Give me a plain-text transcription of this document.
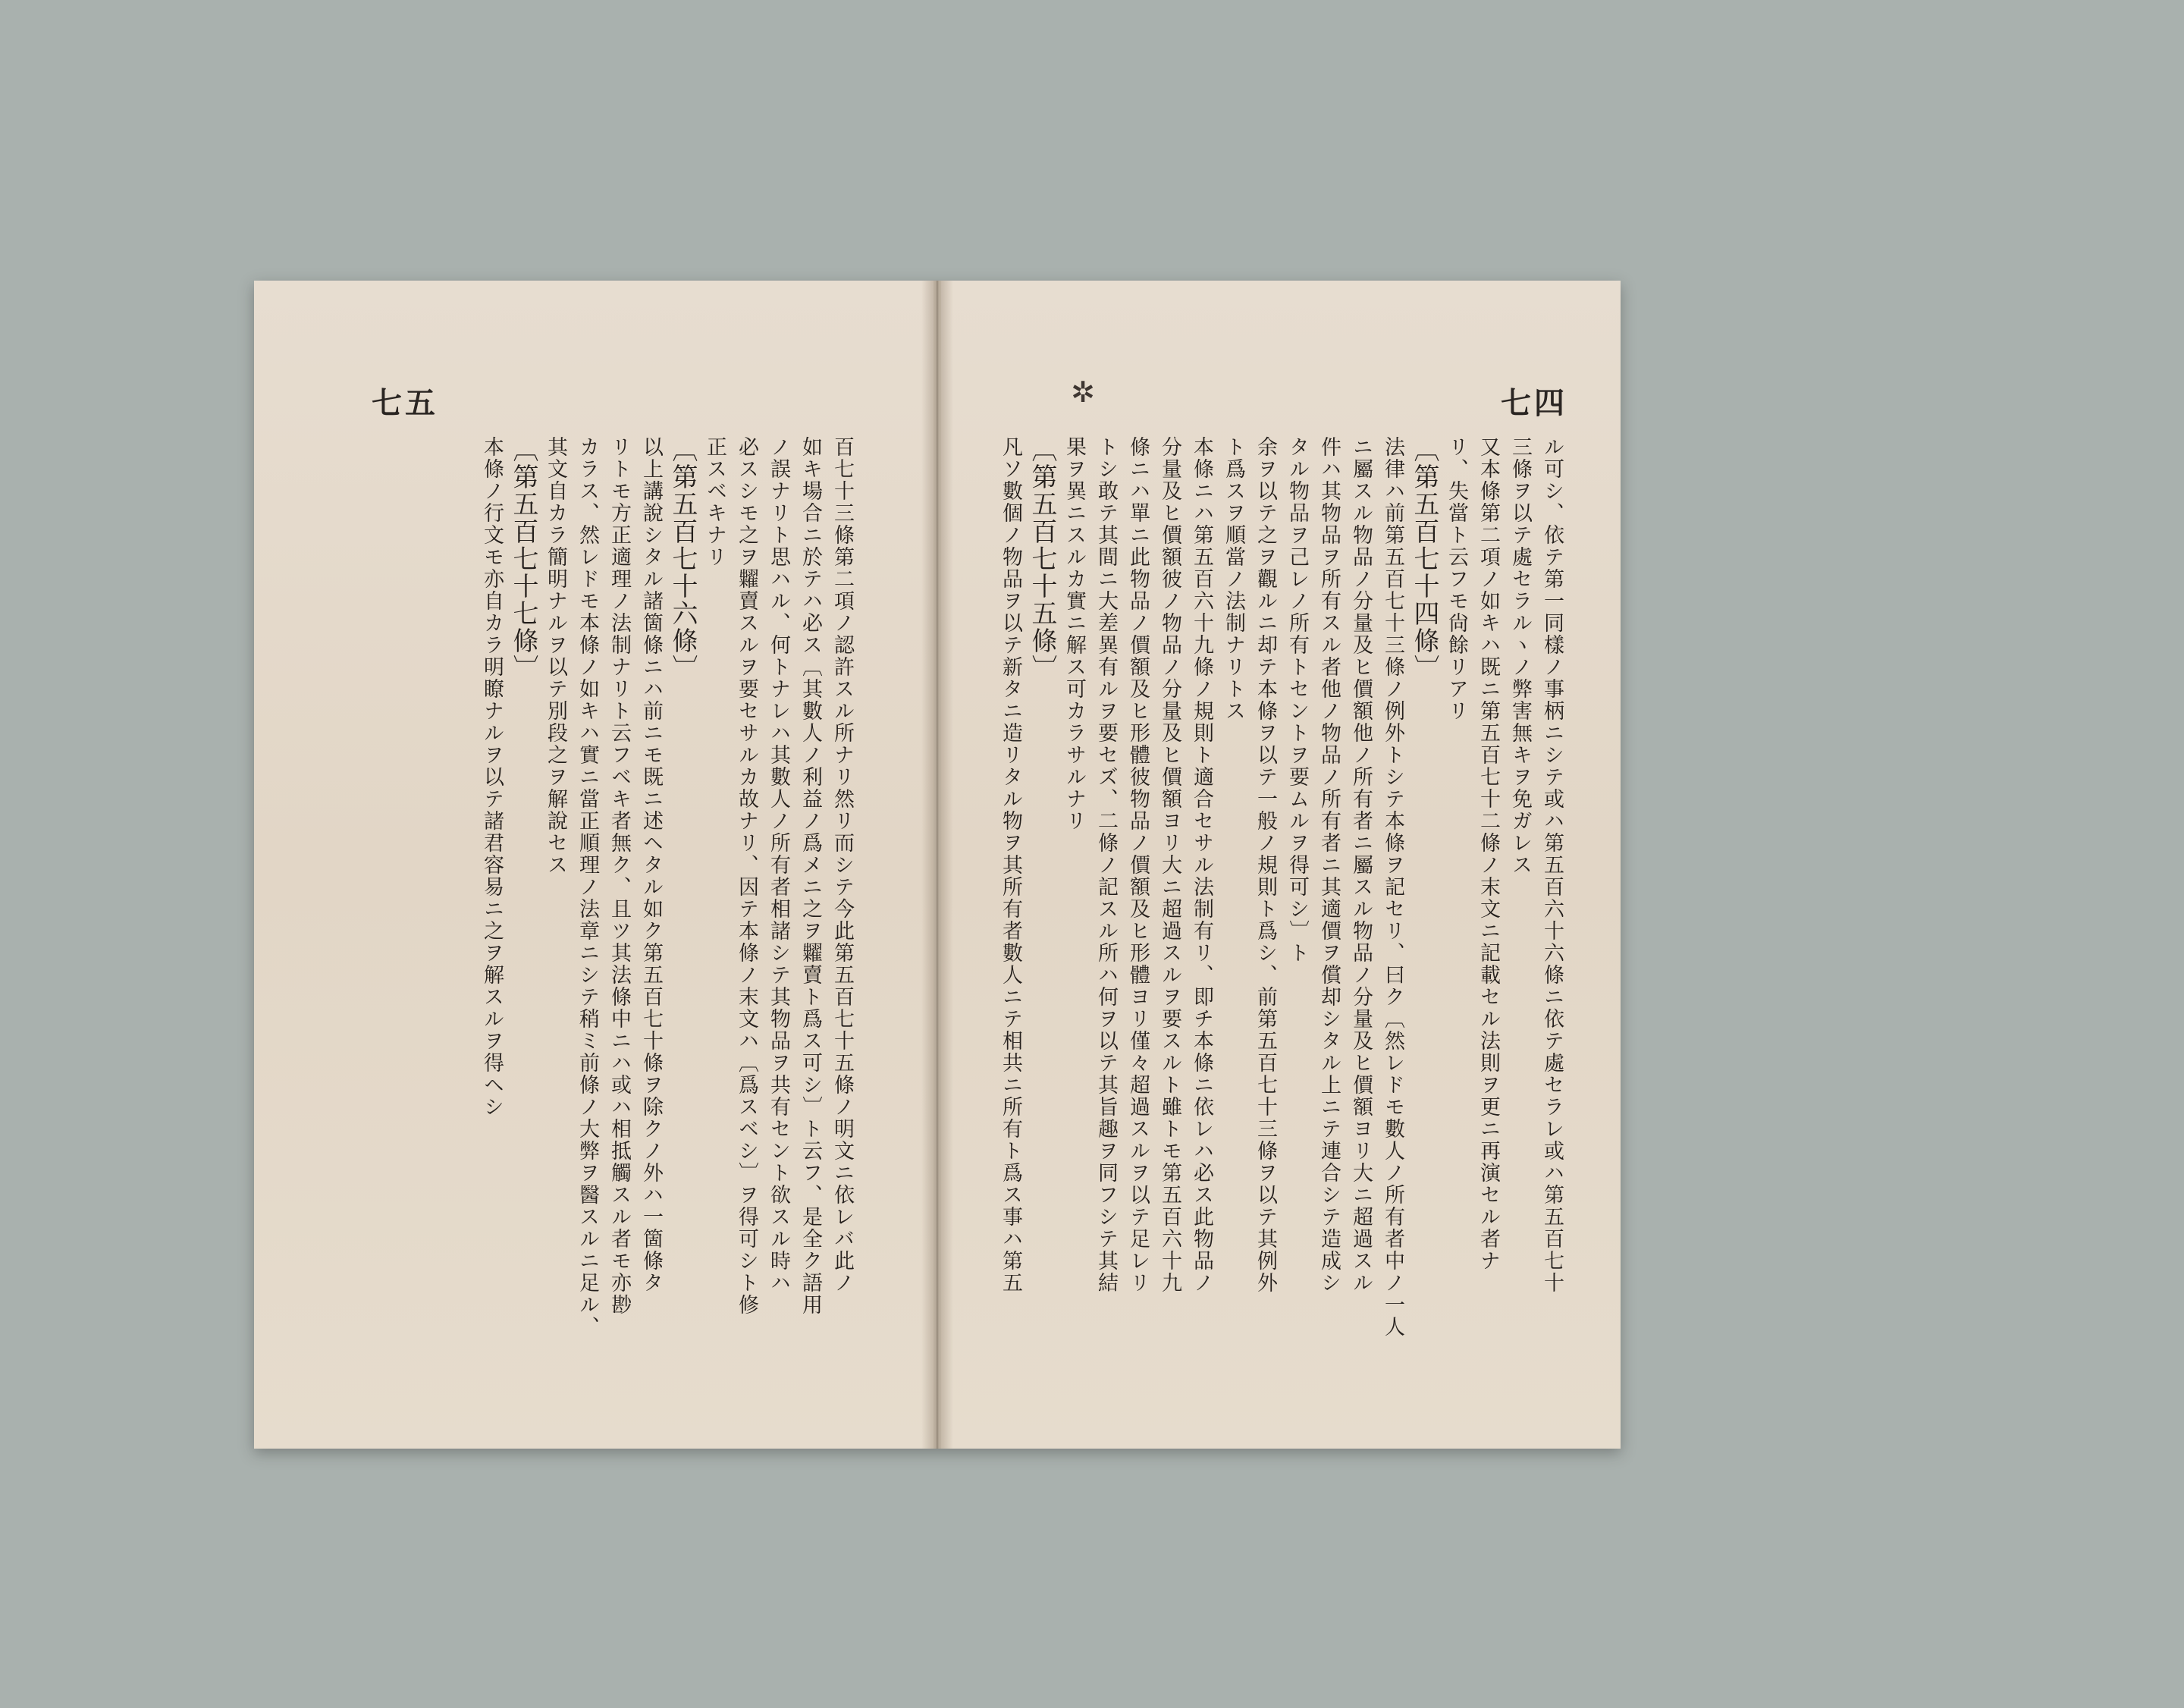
七五
百七十三條第二項ノ認許スル所ナリ然リ而シテ今此第五百七十五條ノ明文ニ依レバ此ノ
如キ場合ニ於テハ必ス〔其數人ノ利益ノ爲メニ之ヲ糶賣ト爲ス可シ〕ト云フ、是全ク語用
ノ誤ナリト思ハル、何トナレハ其數人ノ所有者相諸シテ其物品ヲ共有セント欲スル時ハ
必スシモ之ヲ糶賣スルヲ要セサルカ故ナリ、因テ本條ノ末文ハ〔爲スベシ〕ヲ得可シト修
正スベキナリ
〔第五百七十六條〕
以上講說シタル諸箇條ニハ前ニモ既ニ述ヘタル如ク第五百七十條ヲ除クノ外ハ一箇條タ
リトモ方正適理ノ法制ナリト云フベキ者無ク、且ツ其法條中ニハ或ハ相抵觸スル者モ亦尠
カラス、然レドモ本條ノ如キハ實ニ當正順理ノ法章ニシテ稍ミ前條ノ大弊ヲ醫スルニ足ル、
其文自カラ簡明ナルヲ以テ別段之ヲ解說セス
〔第五百七十七條〕
本條ノ行文モ亦自カラ明瞭ナルヲ以テ諸君容易ニ之ヲ解スルヲ得ヘシ
七四
ル可シ、依テ第一同樣ノ事柄ニシテ或ハ第五百六十六條ニ依テ處セラレ或ハ第五百七十
三條ヲ以テ處セラルヽノ弊害無キヲ免ガレス
又本條第二項ノ如キハ既ニ第五百七十二條ノ末文ニ記載セル法則ヲ更ニ再演セル者ナ
リ、失當ト云フモ尙餘リアリ
〔第五百七十四條〕
法律ハ前第五百七十三條ノ例外トシテ本條ヲ記セリ、曰ク〔然レドモ數人ノ所有者中ノ一人
ニ屬スル物品ノ分量及ヒ價額他ノ所有者ニ屬スル物品ノ分量及ヒ價額ヨリ大ニ超過スル
件ハ其物品ヲ所有スル者他ノ物品ノ所有者ニ其適價ヲ償却シタル上ニテ連合シテ造成シ
タル物品ヲ己レノ所有トセントヲ要ムルヲ得可シ〕ト
余ヲ以テ之ヲ觀ルニ却テ本條ヲ以テ一般ノ規則ト爲シ、前第五百七十三條ヲ以テ其例外
ト爲スヲ順當ノ法制ナリトス
本條ニハ第五百六十九條ノ規則ト適合セサル法制有リ、即チ本條ニ依レハ必ス此物品ノ
分量及ヒ價額彼ノ物品ノ分量及ヒ價額ヨリ大ニ超過スルヲ要スルト雖トモ第五百六十九
條ニハ單ニ此物品ノ價額及ヒ形體彼物品ノ價額及ヒ形體ヨリ僅々超過スルヲ以テ足レリ
トシ敢テ其間ニ大差異有ルヲ要セズ、二條ノ記スル所ハ何ヲ以テ其旨趣ヲ同フシテ其結
果ヲ異ニスルカ實ニ解ス可カラサルナリ
〔第五百七十五條〕
凡ソ數個ノ物品ヲ以テ新タニ造リタル物ヲ其所有者數人ニテ相共ニ所有ト爲ス事ハ第五
✲
